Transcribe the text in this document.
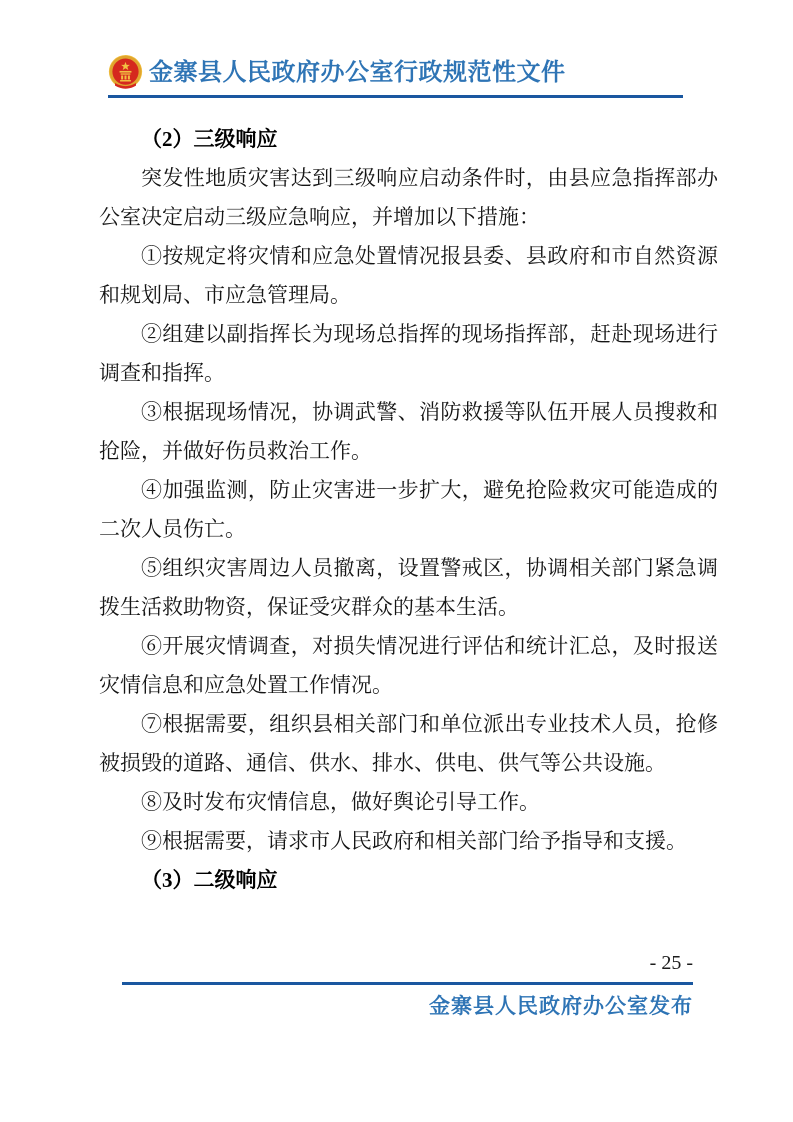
金寨县人民政府办公室行政规范性文件

（2）三级响应

突发性地质灾害达到三级响应启动条件时，由县应急指挥部办公室决定启动三级应急响应，并增加以下措施：

①按规定将灾情和应急处置情况报县委、县政府和市自然资源和规划局、市应急管理局。

②组建以副指挥长为现场总指挥的现场指挥部，赶赴现场进行调查和指挥。

③根据现场情况，协调武警、消防救援等队伍开展人员搜救和抢险，并做好伤员救治工作。

④加强监测，防止灾害进一步扩大，避免抢险救灾可能造成的二次人员伤亡。

⑤组织灾害周边人员撤离，设置警戒区，协调相关部门紧急调拨生活救助物资，保证受灾群众的基本生活。

⑥开展灾情调查，对损失情况进行评估和统计汇总，及时报送灾情信息和应急处置工作情况。

⑦根据需要，组织县相关部门和单位派出专业技术人员，抢修被损毁的道路、通信、供水、排水、供电、供气等公共设施。

⑧及时发布灾情信息，做好舆论引导工作。

⑨根据需要，请求市人民政府和相关部门给予指导和支援。

（3）二级响应

- 25 -
金寨县人民政府办公室发布
